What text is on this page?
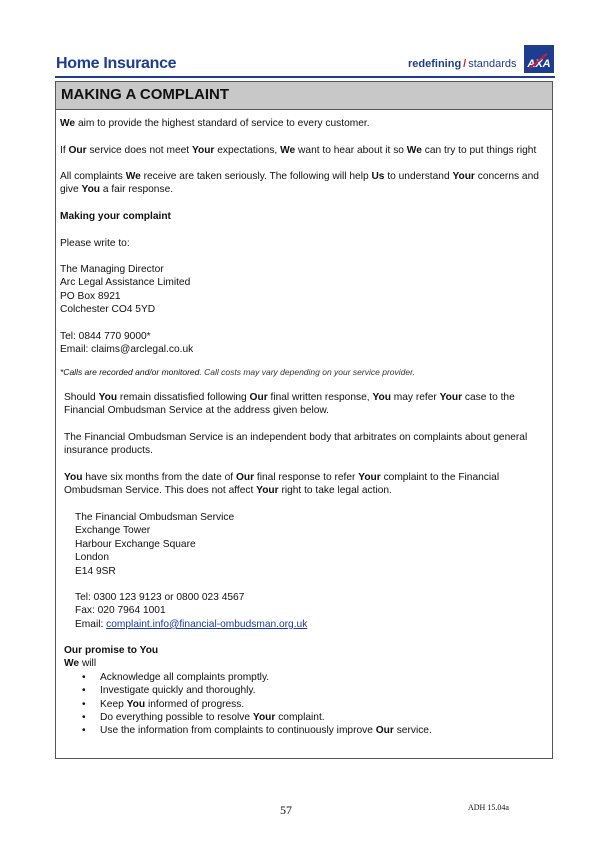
Home Insurance	redefining / standards AXA
MAKING A COMPLAINT
We aim to provide the highest standard of service to every customer.
If Our service does not meet Your expectations, We want to hear about it so We can try to put things right
All complaints We receive are taken seriously. The following will help Us to understand Your concerns and give You a fair response.
Making your complaint
Please write to:
The Managing Director
Arc Legal Assistance Limited
PO Box 8921
Colchester CO4 5YD
Tel: 0844 770 9000*
Email: claims@arclegal.co.uk
*Calls are recorded and/or monitored. Call costs may vary depending on your service provider.
Should You remain dissatisfied following Our final written response, You may refer Your case to the Financial Ombudsman Service at the address given below.
The Financial Ombudsman Service is an independent body that arbitrates on complaints about general insurance products.
You have six months from the date of Our final response to refer Your complaint to the Financial Ombudsman Service. This does not affect Your right to take legal action.
The Financial Ombudsman Service
Exchange Tower
Harbour Exchange Square
London
E14 9SR
Tel: 0300 123 9123 or 0800 023 4567
Fax: 020 7964 1001
Email: complaint.info@financial-ombudsman.org.uk
Our promise to You
We will
• Acknowledge all complaints promptly.
• Investigate quickly and thoroughly.
• Keep You informed of progress.
• Do everything possible to resolve Your complaint.
• Use the information from complaints to continuously improve Our service.
57	ADH 15.04a
